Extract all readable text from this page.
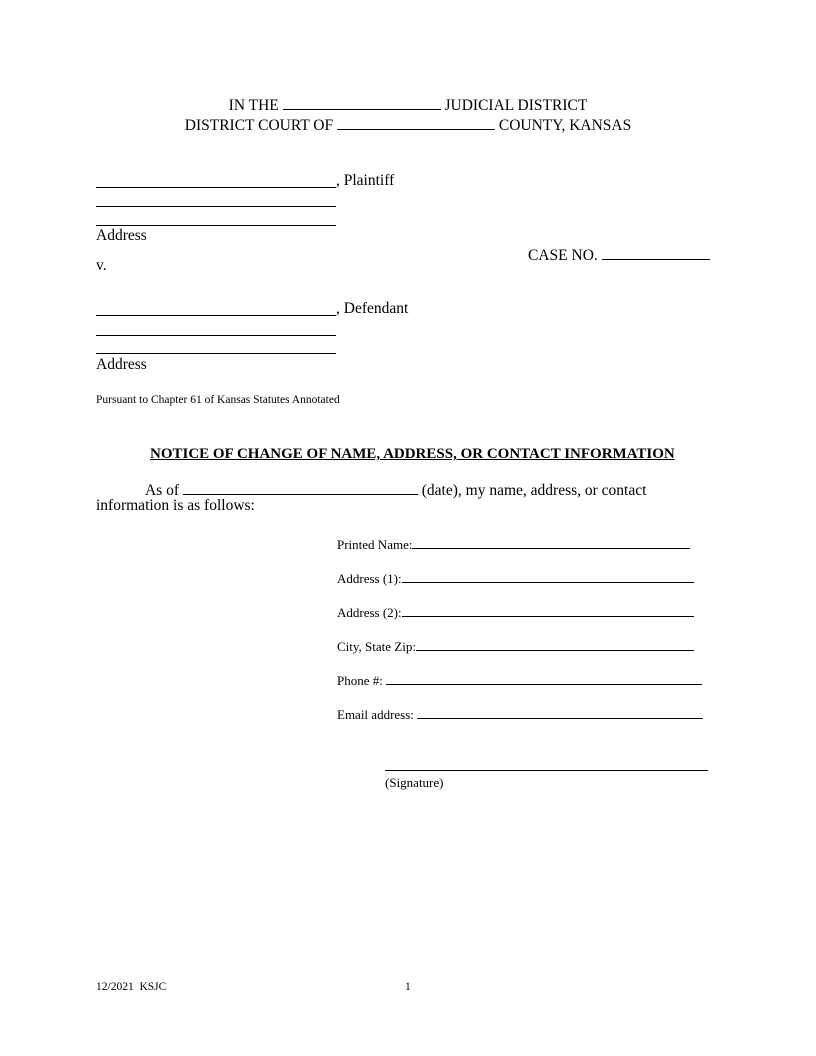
IN THE	JUDICIAL DISTRICT
DISTRICT COURT OF	COUNTY, KANSAS
, Plaintiff
Address
CASE NO.
v.
, Defendant
Address
Pursuant to Chapter 61 of Kansas Statutes Annotated
NOTICE OF CHANGE OF NAME, ADDRESS, OR CONTACT INFORMATION
As of	(date), my name, address, or contact
information is as follows:
Printed Name:
Address (1):
Address (2):
City, State Zip:
Phone #:
Email address:
(Signature)
12/2021  KSJC	1
